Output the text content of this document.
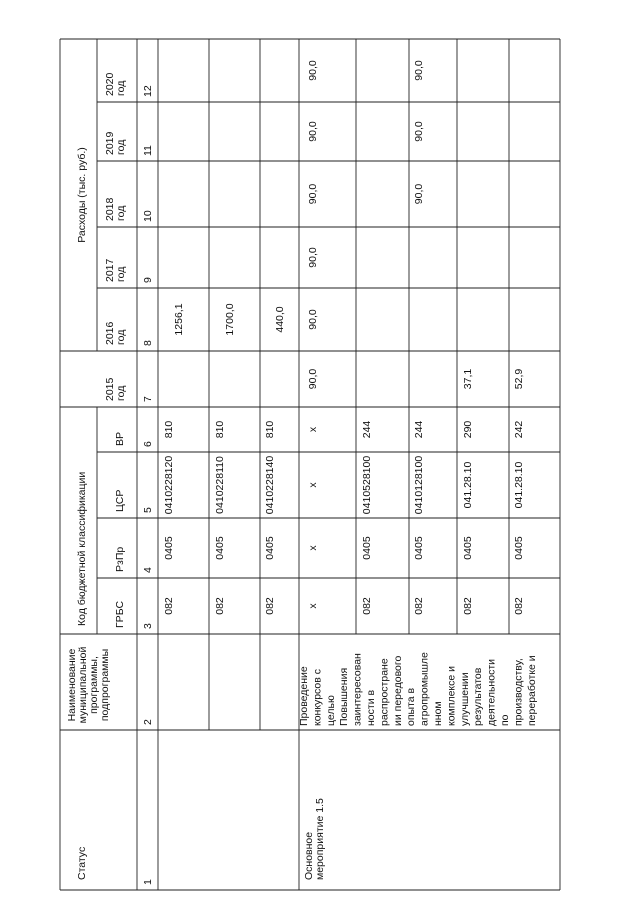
Статус
Наименование муниципальной программы, подпрограммы
Код бюджетной классификации
Расходы (тыс. руб.)
ГРБС
РзПр
ЦСР
ВР
2015 год
2016 год
2017 год
2018 год
2019 год
2020 год
1
2
3
4
5
6
7
8
9
10
11
12
082
0405
0410228120
810
1256,1
082
0405
0410228110
810
1700,0
082
0405
0410228140
810
440,0
x
x
x
x
90,0
90,0
90,0
90,0
90,0
90,0
082
0405
0410528100
244
082
0405
0410128100
244
90,0
90,0
90,0
082
0405
041.28.10
290
37,1
082
0405
041.28.10
242
52,9
Основное мероприятие 1.5
Проведение конкурсов с целью Повышения заинтересован ности в распростране ии передового опыта в агропромышле нном комплексе и улучшении результатов деятельности по производству, переработке и
